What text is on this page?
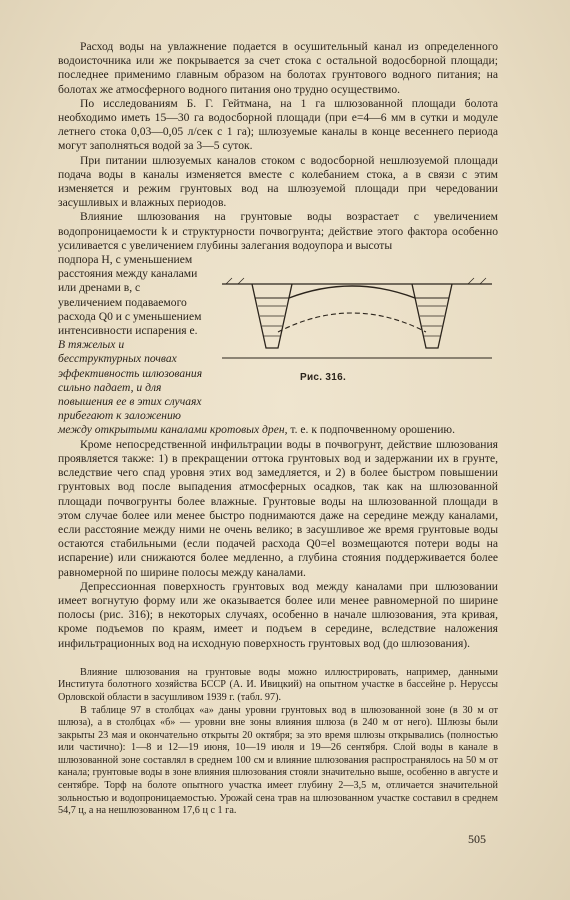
Расход воды на увлажнение подается в осушительный канал из определенного водоисточника или же покрывается за счет стока с остальной водосборной площади; последнее применимо главным образом на болотах грунтового водного питания; на болотах же атмосферного водного питания оно трудно осуществимо.

По исследованиям Б. Г. Гейтмана, на 1 га шлюзованной площади болота необходимо иметь 15—30 га водосборной площади (при e=4—6 мм в сутки и модуле летнего стока 0,03—0,05 л/сек с 1 га); шлюзуемые каналы в конце весеннего периода могут заполняться водой за 3—5 суток.

При питании шлюзуемых каналов стоком с водосборной нешлюзуемой площади подача воды в каналы изменяется вместе с колебанием стока, а в связи с этим изменяется и режим грунтовых вод на шлюзуемой площади при чередовании засушливых и влажных периодов.

Влияние шлюзования на грунтовые воды возрастает с увеличением водопроницаемости k и структурности почвогрунта; действие этого фактора особенно усиливается с увеличением глубины залегания водоупора и высоты

подпора H, с уменьшением расстояния между каналами или дренами в, с увеличением подаваемого расхода Q0 и с уменьшением интенсивности испарения e. В тяжелых и бесструктурных почвах эффективность шлюзования сильно падает, и для повышения ее в этих случаях прибегают к заложению

между открытыми каналами кротовых дрен, т. е. к подпочвенному орошению.

Кроме непосредственной инфильтрации воды в почвогрунт, действие шлюзования проявляется также: 1) в прекращении оттока грунтовых вод и задержании их в грунте, вследствие чего спад уровня этих вод замедляется, и 2) в более быстром повышении грунтовых вод после выпадения атмосферных осадков, так как на шлюзованной площади почвогрунты более влажные. Грунтовые воды на шлюзованной площади в этом случае более или менее быстро поднимаются даже на середине между каналами, если расстояние между ними не очень велико; в засушливое же время грунтовые воды остаются стабильными (если подачей расхода Q0=el возмещаются потери воды на испарение) или снижаются более медленно, а глубина стояния поддерживается более равномерной по ширине полосы между каналами.

Депрессионная поверхность грунтовых вод между каналами при шлюзовании имеет вогнутую форму или же оказывается более или менее равномерной по ширине полосы (рис. 316); в некоторых случаях, особенно в начале шлюзования, эта кривая, кроме подъемов по краям, имеет и подъем в середине, вследствие наложения инфильтрационных вод на исходную поверхность грунтовых вод (до шлюзования).

Влияние шлюзования на грунтовые воды можно иллюстрировать, например, данными Института болотного хозяйства БССР (А. И. Ивицкий) на опытном участке в бассейне р. Неруссы Орловской области в засушливом 1939 г. (табл. 97).

В таблице 97 в столбцах «а» даны уровни грунтовых вод в шлюзованной зоне (в 30 м от шлюза), а в столбцах «б» — уровни вне зоны влияния шлюза (в 240 м от него). Шлюзы были закрыты 23 мая и окончательно открыты 20 октября; за это время шлюзы открывались (полностью или частично): 1—8 и 12—19 июня, 10—19 июля и 19—26 сентября. Слой воды в канале в шлюзованной зоне составлял в среднем 100 см и влияние шлюзования распространялось на 50 м от канала; грунтовые воды в зоне влияния шлюзования стояли значительно выше, особенно в августе и сентябре. Торф на болоте опытного участка имеет глубину 2—3,5 м, отличается значительной зольностью и водопроницаемостью. Урожай сена трав на шлюзованном участке составил в среднем 54,7 ц, а на нешлюзованном 17,6 ц с 1 га.

Рис. 316.
505
